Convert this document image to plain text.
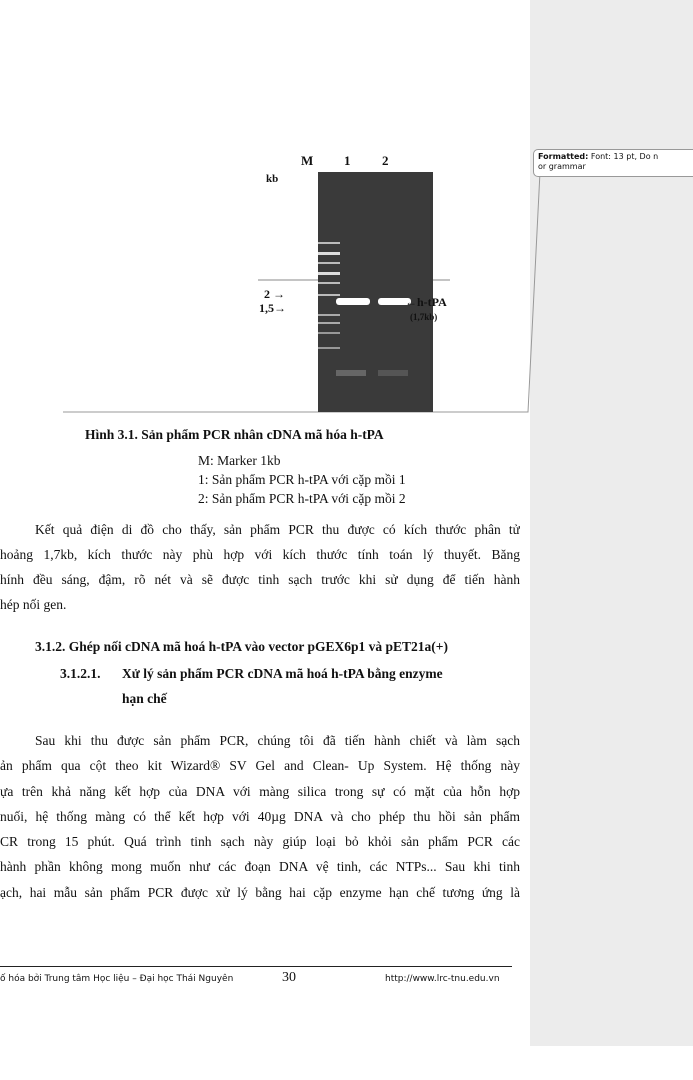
Formatted: Font: 13 pt, Do n
or grammar
M 1 2
kb
2 →
1,5→	←h-tPA
(1,7kb)
Hình 3.1. Sản phẩm PCR nhân cDNA mã hóa h-tPA
M: Marker 1kb
1: Sản phẩm PCR h-tPA với cặp mồi 1
2: Sản phẩm PCR h-tPA với cặp mồi 2
Kết quả điện di đồ cho thấy, sản phẩm PCR thu được có kích thước phân tử
hoảng 1,7kb, kích thước này phù hợp với kích thước tính toán lý thuyết. Băng
hính đều sáng, đậm, rõ nét và sẽ được tinh sạch trước khi sử dụng để tiến hành
hép nối gen.
3.1.2. Ghép nối cDNA mã hoá h-tPA vào vector pGEX6p1 và pET21a(+)
3.1.2.1. Xử lý sản phẩm PCR cDNA mã hoá h-tPA bằng enzyme
hạn chế
Sau khi thu được sản phẩm PCR, chúng tôi đã tiến hành chiết và làm sạch
ản phẩm qua cột theo kit Wizard® SV Gel and Clean- Up System. Hệ thống này
ựa trên khả năng kết hợp của DNA với màng silica trong sự có mặt của hỗn hợp
nuối, hệ thống màng có thể kết hợp với 40µg DNA và cho phép thu hồi sản phẩm
CR trong 15 phút. Quá trình tinh sạch này giúp loại bỏ khỏi sản phẩm PCR các
hành phần không mong muốn như các đoạn DNA vệ tinh, các NTPs... Sau khi tinh
ạch, hai mẫu sản phẩm PCR được xử lý bằng hai cặp enzyme hạn chế tương ứng là
ố hóa bởi Trung tâm Học liệu – Đại học Thái Nguyên	30	http://www.lrc-tnu.edu.vn
